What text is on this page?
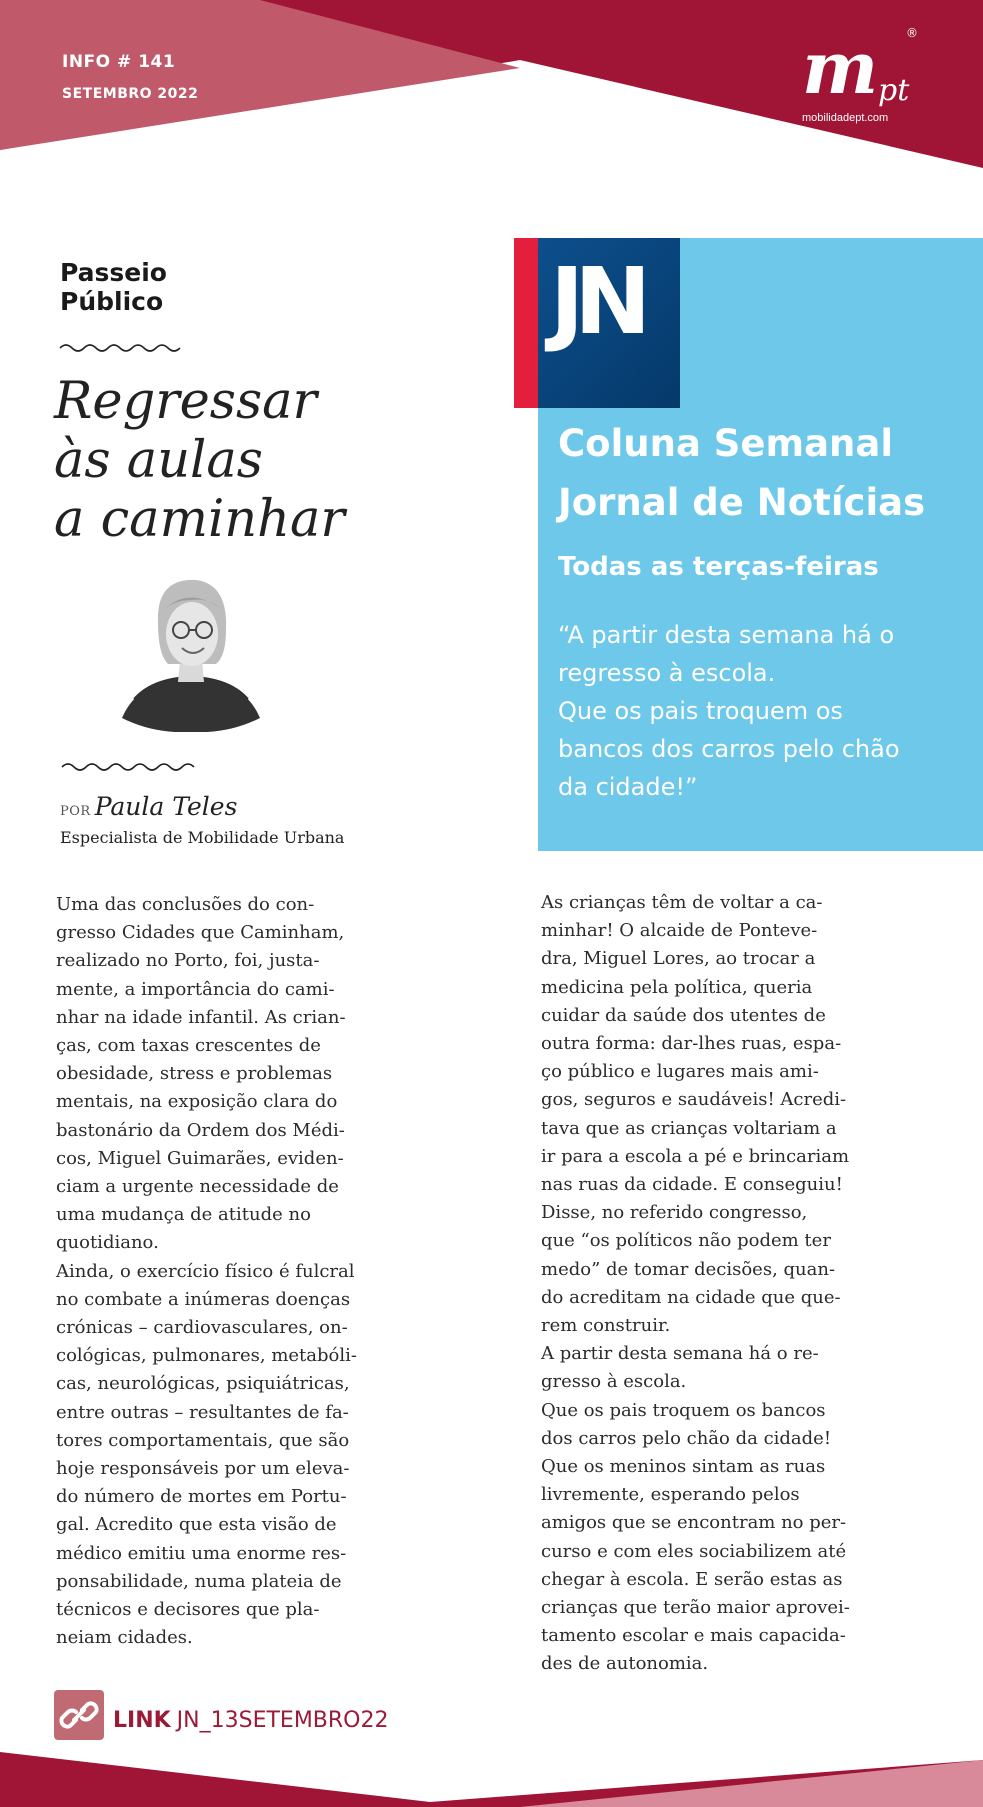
INFO # 141
SETEMBRO 2022	m pt
mobilidadept.com
®
Passeio
Público
Regressar
às aulas
a caminhar
POR Paula Teles
Especialista de Mobilidade Urbana
JN
Coluna Semanal
Jornal de Notícias
Todas as terças-feiras
“A partir desta semana há o
regresso à escola.
Que os pais troquem os
bancos dos carros pelo chão
da cidade!”

Uma das conclusões do con-

gresso Cidades que Caminham,

realizado no Porto, foi, justa-

mente, a importância do cami-

nhar na idade infantil. As crian-

ças, com taxas crescentes de

obesidade, stress e problemas

mentais, na exposição clara do

bastonário da Ordem dos Médi-

cos, Miguel Guimarães, eviden-

ciam a urgente necessidade de

uma mudança de atitude no

quotidiano.

Ainda, o exercício físico é fulcral

no combate a inúmeras doenças

crónicas – cardiovasculares, on-

cológicas, pulmonares, metabóli-

cas, neurológicas, psiquiátricas,

entre outras – resultantes de fa-

tores comportamentais, que são

hoje responsáveis por um eleva-

do número de mortes em Portu-

gal. Acredito que esta visão de

médico emitiu uma enorme res-

ponsabilidade, numa plateia de

técnicos e decisores que pla-

neiam cidades.

As crianças têm de voltar a ca-

minhar! O alcaide de Ponteve-

dra, Miguel Lores, ao trocar a

medicina pela política, queria

cuidar da saúde dos utentes de

outra forma: dar-lhes ruas, espa-

ço público e lugares mais ami-

gos, seguros e saudáveis! Acredi-

tava que as crianças voltariam a

ir para a escola a pé e brincariam

nas ruas da cidade. E conseguiu!

Disse, no referido congresso,

que “os políticos não podem ter

medo” de tomar decisões, quan-

do acreditam na cidade que que-

rem construir.

A partir desta semana há o re-

gresso à escola.

Que os pais troquem os bancos

dos carros pelo chão da cidade!

Que os meninos sintam as ruas

livremente, esperando pelos

amigos que se encontram no per-

curso e com eles sociabilizem até

chegar à escola. E serão estas as

crianças que terão maior aprovei-

tamento escolar e mais capacida-

des de autonomia.

LINK JN_13SETEMBRO22
